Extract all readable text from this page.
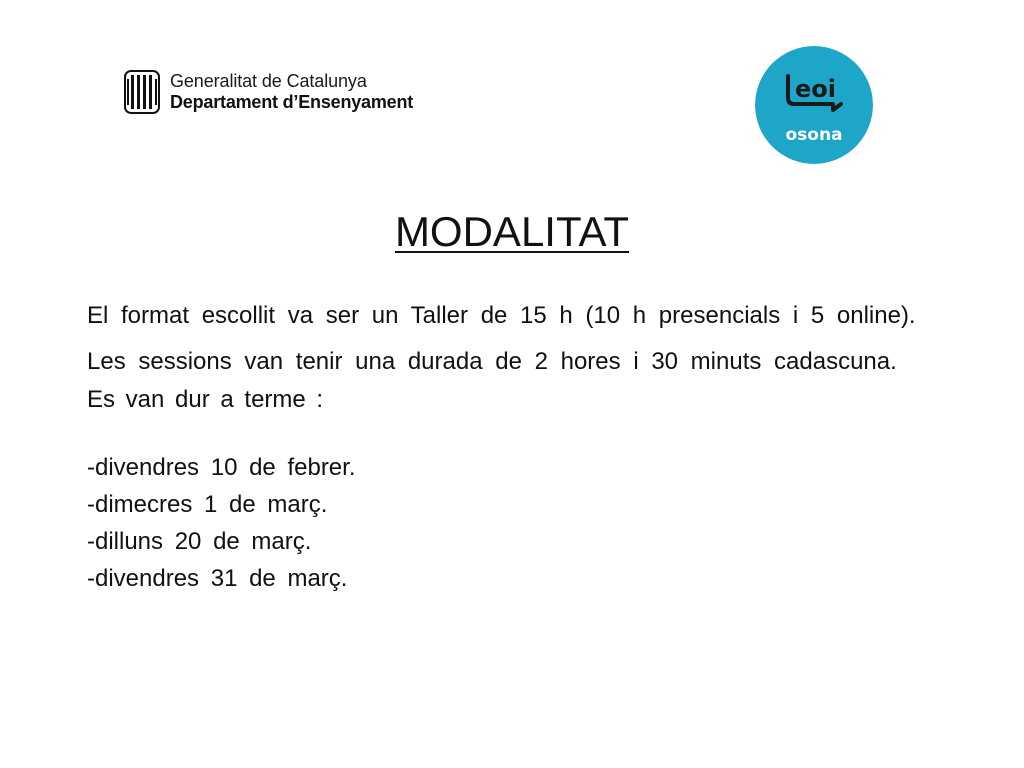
Generalitat de Catalunya
Departament d’Ensenyament	eoi
osona
MODALITAT

El format escollit va ser un Taller de 15 h (10 h presencials i 5 online).

Les sessions van tenir una durada de 2 hores i 30 minuts cadascuna.

Es van dur a terme :

-divendres 10 de febrer.
-dimecres 1 de març.
-dilluns 20 de març.
-divendres 31 de març.
